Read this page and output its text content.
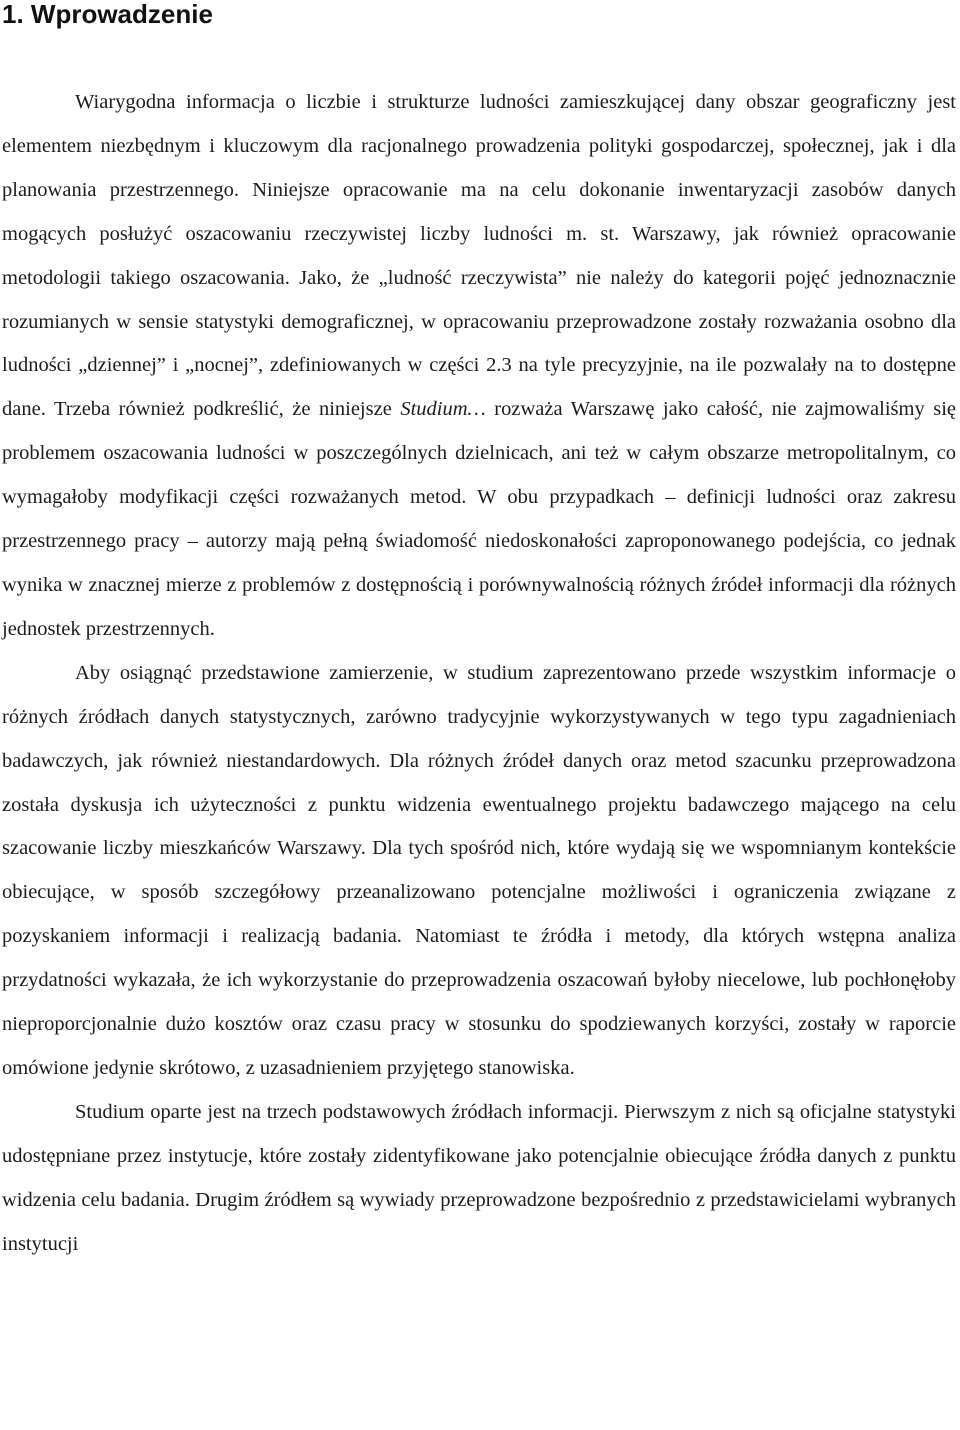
1. Wprowadzenie

Wiarygodna informacja o liczbie i strukturze ludności zamieszkującej dany obszar geograficzny jest elementem niezbędnym i kluczowym dla racjonalnego prowadzenia polityki gospodarczej, społecznej, jak i dla planowania przestrzennego. Niniejsze opracowanie ma na celu dokonanie inwentaryzacji zasobów danych mogących posłużyć oszacowaniu rzeczywistej liczby ludności m. st. Warszawy, jak również opracowanie metodologii takiego oszacowania. Jako, że „ludność rzeczywista” nie należy do kategorii pojęć jednoznacznie rozumianych w sensie statystyki demograficznej, w opracowaniu przeprowadzone zostały rozważania osobno dla ludności „dziennej” i „nocnej”, zdefiniowanych w części 2.3 na tyle precyzyjnie, na ile pozwalały na to dostępne dane. Trzeba również podkreślić, że niniejsze Studium… rozważa Warszawę jako całość, nie zajmowaliśmy się problemem oszacowania ludności w poszczególnych dzielnicach, ani też w całym obszarze metropolitalnym, co wymagałoby modyfikacji części rozważanych metod. W obu przypadkach – definicji ludności oraz zakresu przestrzennego pracy – autorzy mają pełną świadomość niedoskonałości zaproponowanego podejścia, co jednak wynika w znacznej mierze z problemów z dostępnością i porównywalnością różnych źródeł informacji dla różnych jednostek przestrzennych.

Aby osiągnąć przedstawione zamierzenie, w studium zaprezentowano przede wszystkim informacje o różnych źródłach danych statystycznych, zarówno tradycyjnie wykorzystywanych w tego typu zagadnieniach badawczych, jak również niestandardowych. Dla różnych źródeł danych oraz metod szacunku przeprowadzona została dyskusja ich użyteczności z punktu widzenia ewentualnego projektu badawczego mającego na celu szacowanie liczby mieszkańców Warszawy. Dla tych spośród nich, które wydają się we wspomnianym kontekście obiecujące, w sposób szczegółowy przeanalizowano potencjalne możliwości i ograniczenia związane z pozyskaniem informacji i realizacją badania. Natomiast te źródła i metody, dla których wstępna analiza przydatności wykazała, że ich wykorzystanie do przeprowadzenia oszacowań byłoby niecelowe, lub pochłonęłoby nieproporcjonalnie dużo kosztów oraz czasu pracy w stosunku do spodziewanych korzyści, zostały w raporcie omówione jedynie skrótowo, z uzasadnieniem przyjętego stanowiska.

Studium oparte jest na trzech podstawowych źródłach informacji. Pierwszym z nich są oficjalne statystyki udostępniane przez instytucje, które zostały zidentyfikowane jako potencjalnie obiecujące źródła danych z punktu widzenia celu badania. Drugim źródłem są wywiady przeprowadzone bezpośrednio z przedstawicielami wybranych instytucji
